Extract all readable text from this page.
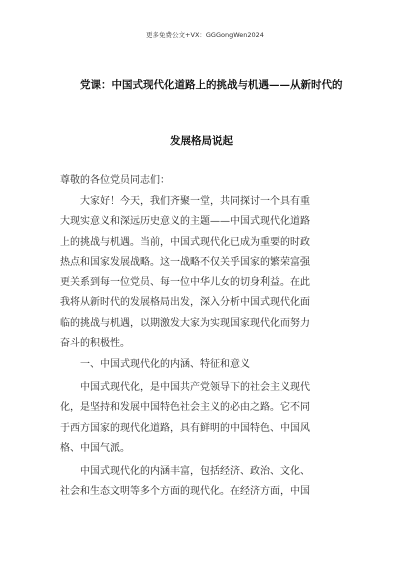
更多免费公文+VX：GGGongWen2024
党课：中国式现代化道路上的挑战与机遇——从新时代的
发展格局说起
尊敬的各位党员同志们：
大家好！今天，我们齐聚一堂，共同探讨一个具有重
大现实意义和深远历史意义的主题——中国式现代化道路
上的挑战与机遇。当前，中国式现代化已成为重要的时政
热点和国家发展战略。这一战略不仅关乎国家的繁荣富强
更关系到每一位党员、每一位中华儿女的切身利益。在此
我将从新时代的发展格局出发，深入分析中国式现代化面
临的挑战与机遇，以期激发大家为实现国家现代化而努力
奋斗的积极性。
一、中国式现代化的内涵、特征和意义
中国式现代化，是中国共产党领导下的社会主义现代
化，是坚持和发展中国特色社会主义的必由之路。它不同
于西方国家的现代化道路，具有鲜明的中国特色、中国风
格、中国气派。
中国式现代化的内涵丰富，包括经济、政治、文化、
社会和生态文明等多个方面的现代化。在经济方面，中国
